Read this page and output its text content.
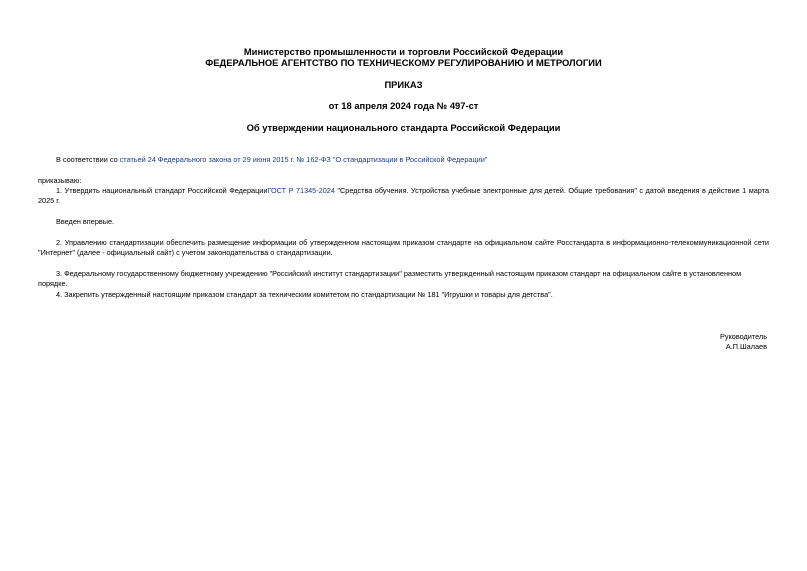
Министерство промышленности и торговли Российской Федерации
ФЕДЕРАЛЬНОЕ АГЕНТСТВО ПО ТЕХНИЧЕСКОМУ РЕГУЛИРОВАНИЮ И МЕТРОЛОГИИ
ПРИКАЗ
от 18 апреля 2024 года № 497-ст
Об утверждении национального стандарта Российской Федерации
В соответствии со статьей 24 Федерального закона от 29 июня 2015 г. № 162-ФЗ "О стандартизации в Российской Федерации"
приказываю:
1. Утвердить национальный стандарт Российской ФедерацииГОСТ Р 71345-2024 "Средства обучения. Устройства учебные электронные для детей. Общие требования" с датой введения в действие 1 марта 2025 г.
Введен впервые.
2. Управлению стандартизации обеспечить размещение информации об утвержденном настоящим приказом стандарте на официальном сайте Росстандарта в информационно-телекоммуникационной сети "Интернет" (далее - официальный сайт) с учетом законодательства о стандартизации.
3. Федеральному государственному бюджетному учреждению "Российский институт стандартизации" разместить утвержденный настоящим приказом стандарт на официальном сайте в установленном порядке.
4. Закрепить утвержденный настоящим приказом стандарт за техническим комитетом по стандартизации № 181 "Игрушки и товары для детства".
Руководитель
А.П.Шалаев
